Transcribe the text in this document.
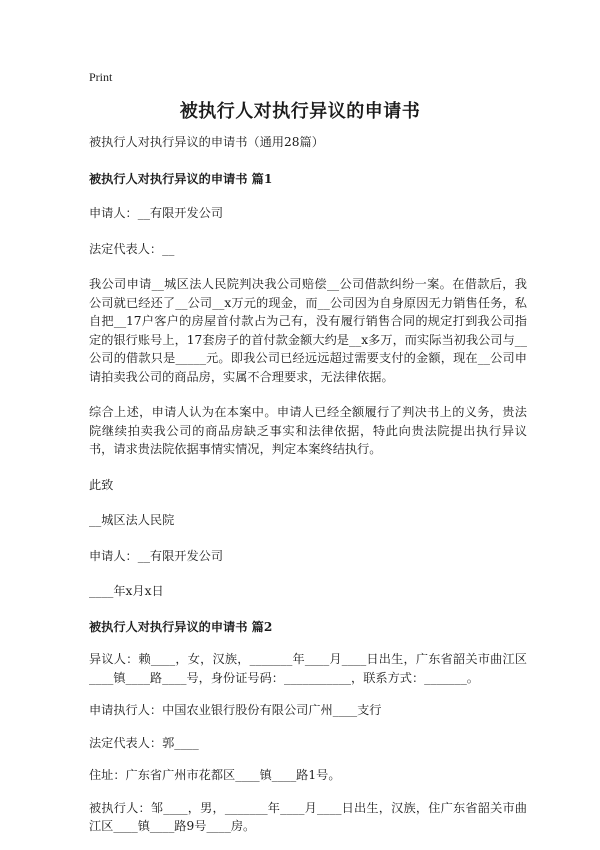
Print
被执行人对执行异议的申请书

被执行人对执行异议的申请书（通用28篇）

被执行人对执行异议的申请书 篇1

申请人：__有限开发公司

法定代表人：__

我公司申请__城区法人民院判决我公司赔偿__公司借款纠纷一案。在借款后，我公司就已经还了__公司__x万元的现金，而__公司因为自身原因无力销售任务，私自把__17户客户的房屋首付款占为己有，没有履行销售合同的规定打到我公司指定的银行账号上，17套房子的首付款金额大约是__x多万，而实际当初我公司与__公司的借款只是_____元。即我公司已经远远超过需要支付的金额，现在__公司申请拍卖我公司的商品房，实属不合理要求，无法律依据。

综合上述，申请人认为在本案中。申请人已经全额履行了判决书上的义务，贵法院继续拍卖我公司的商品房缺乏事实和法律依据，特此向贵法院提出执行异议书，请求贵法院依据事情实情况，判定本案终结执行。

此致

__城区法人民院

申请人：__有限开发公司

____年x月x日

被执行人对执行异议的申请书 篇2

异议人：赖____，女，汉族，_______年____月____日出生，广东省韶关市曲江区____镇____路____号，身份证号码：___________，联系方式：_______。

申请执行人：中国农业银行股份有限公司广州____支行

法定代表人：郭____

住址：广东省广州市花都区____镇____路1号。

被执行人：邹____，男，_______年____月____日出生，汉族，住广东省韶关市曲江区____镇____路9号____房。
